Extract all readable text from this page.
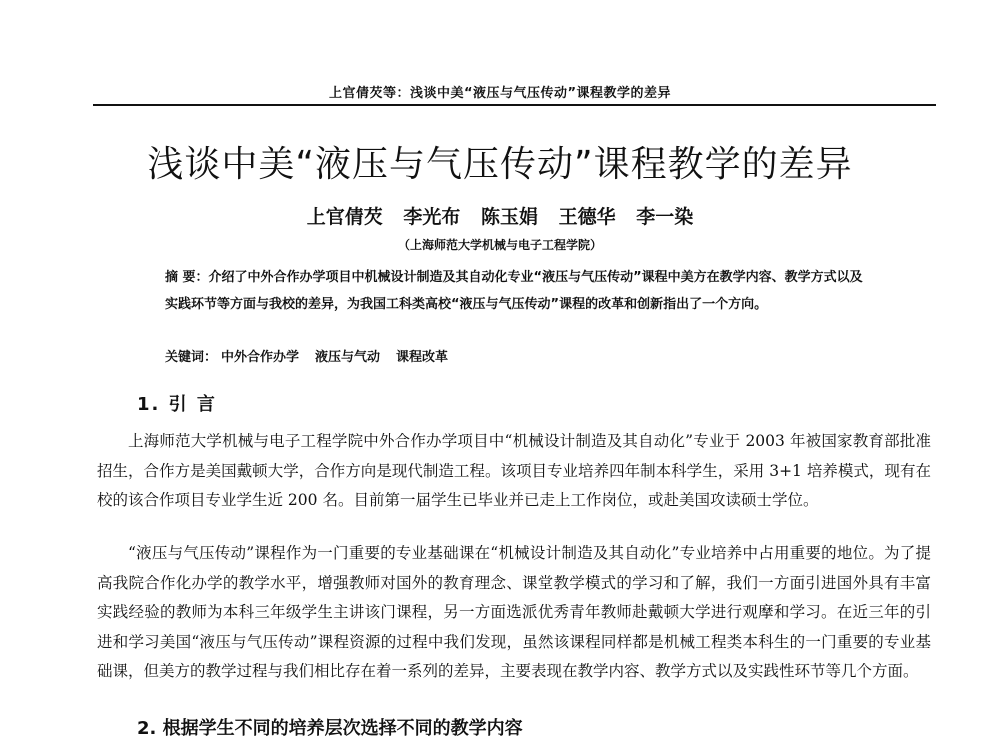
上官倩芡等：浅谈中美“液压与气压传动”课程教学的差异
浅谈中美“液压与气压传动”课程教学的差异
上官倩芡 李光布 陈玉娟 王德华 李一染
（上海师范大学机械与电子工程学院）

摘 要：介绍了中外合作办学项目中机械设计制造及其自动化专业“液压与气压传动”课程中美方在教学内容、教学方式以及实践环节等方面与我校的差异，为我国工科类高校“液压与气压传动”课程的改革和创新指出了一个方向。

关键词： 中外合作办学 液压与气动 课程改革

1. 引 言

上海师范大学机械与电子工程学院中外合作办学项目中“机械设计制造及其自动化”专业于 2003 年被国家教育部批准招生，合作方是美国戴顿大学，合作方向是现代制造工程。该项目专业培养四年制本科学生，采用 3+1 培养模式，现有在校的该合作项目专业学生近 200 名。目前第一届学生已毕业并已走上工作岗位，或赴美国攻读硕士学位。

“液压与气压传动”课程作为一门重要的专业基础课在“机械设计制造及其自动化”专业培养中占用重要的地位。为了提高我院合作化办学的教学水平，增强教师对国外的教育理念、课堂教学模式的学习和了解，我们一方面引进国外具有丰富实践经验的教师为本科三年级学生主讲该门课程，另一方面选派优秀青年教师赴戴顿大学进行观摩和学习。在近三年的引进和学习美国“液压与气压传动”课程资源的过程中我们发现，虽然该课程同样都是机械工程类本科生的一门重要的专业基础课，但美方的教学过程与我们相比存在着一系列的差异，主要表现在教学内容、教学方式以及实践性环节等几个方面。

2. 根据学生不同的培养层次选择不同的教学内容
